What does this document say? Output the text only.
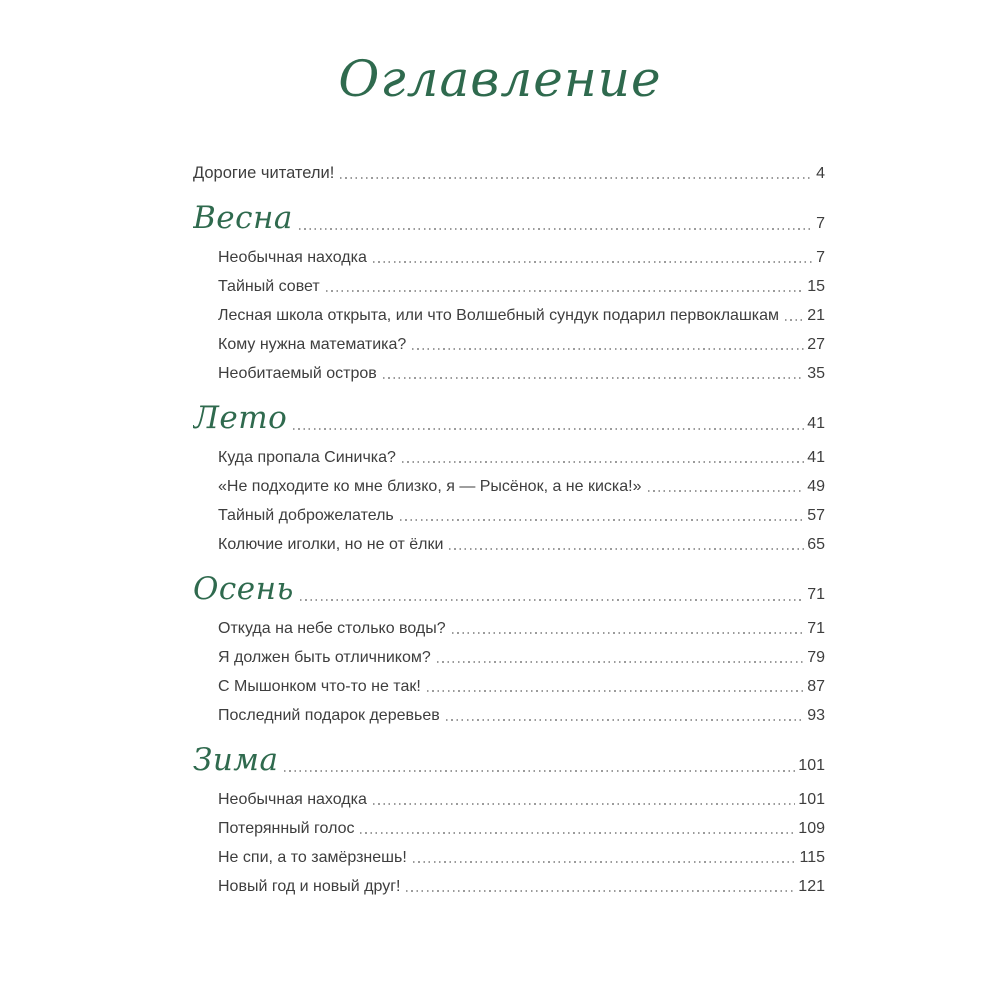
Оглавление
Дорогие читатели!	4
Весна	7
Необычная находка	7
Тайный совет	15
Лесная школа открыта, или что Волшебный сундук подарил первоклашкам 21
Кому нужна математика?	27
Необитаемый остров	35
Лето	41
Куда пропала Синичка?	41
«Не подходите ко мне близко, я — Рысёнок, а не киска!»	49
Тайный доброжелатель	57
Колючие иголки, но не от ёлки	65
Осень	71
Откуда на небе столько воды?	71
Я должен быть отличником?	79
С Мышонком что-то не так!	87
Последний подарок деревьев	93
Зима	101
Необычная находка	101
Потерянный голос	109
Не спи, а то замёрзнешь!	115
Новый год и новый друг!	121
